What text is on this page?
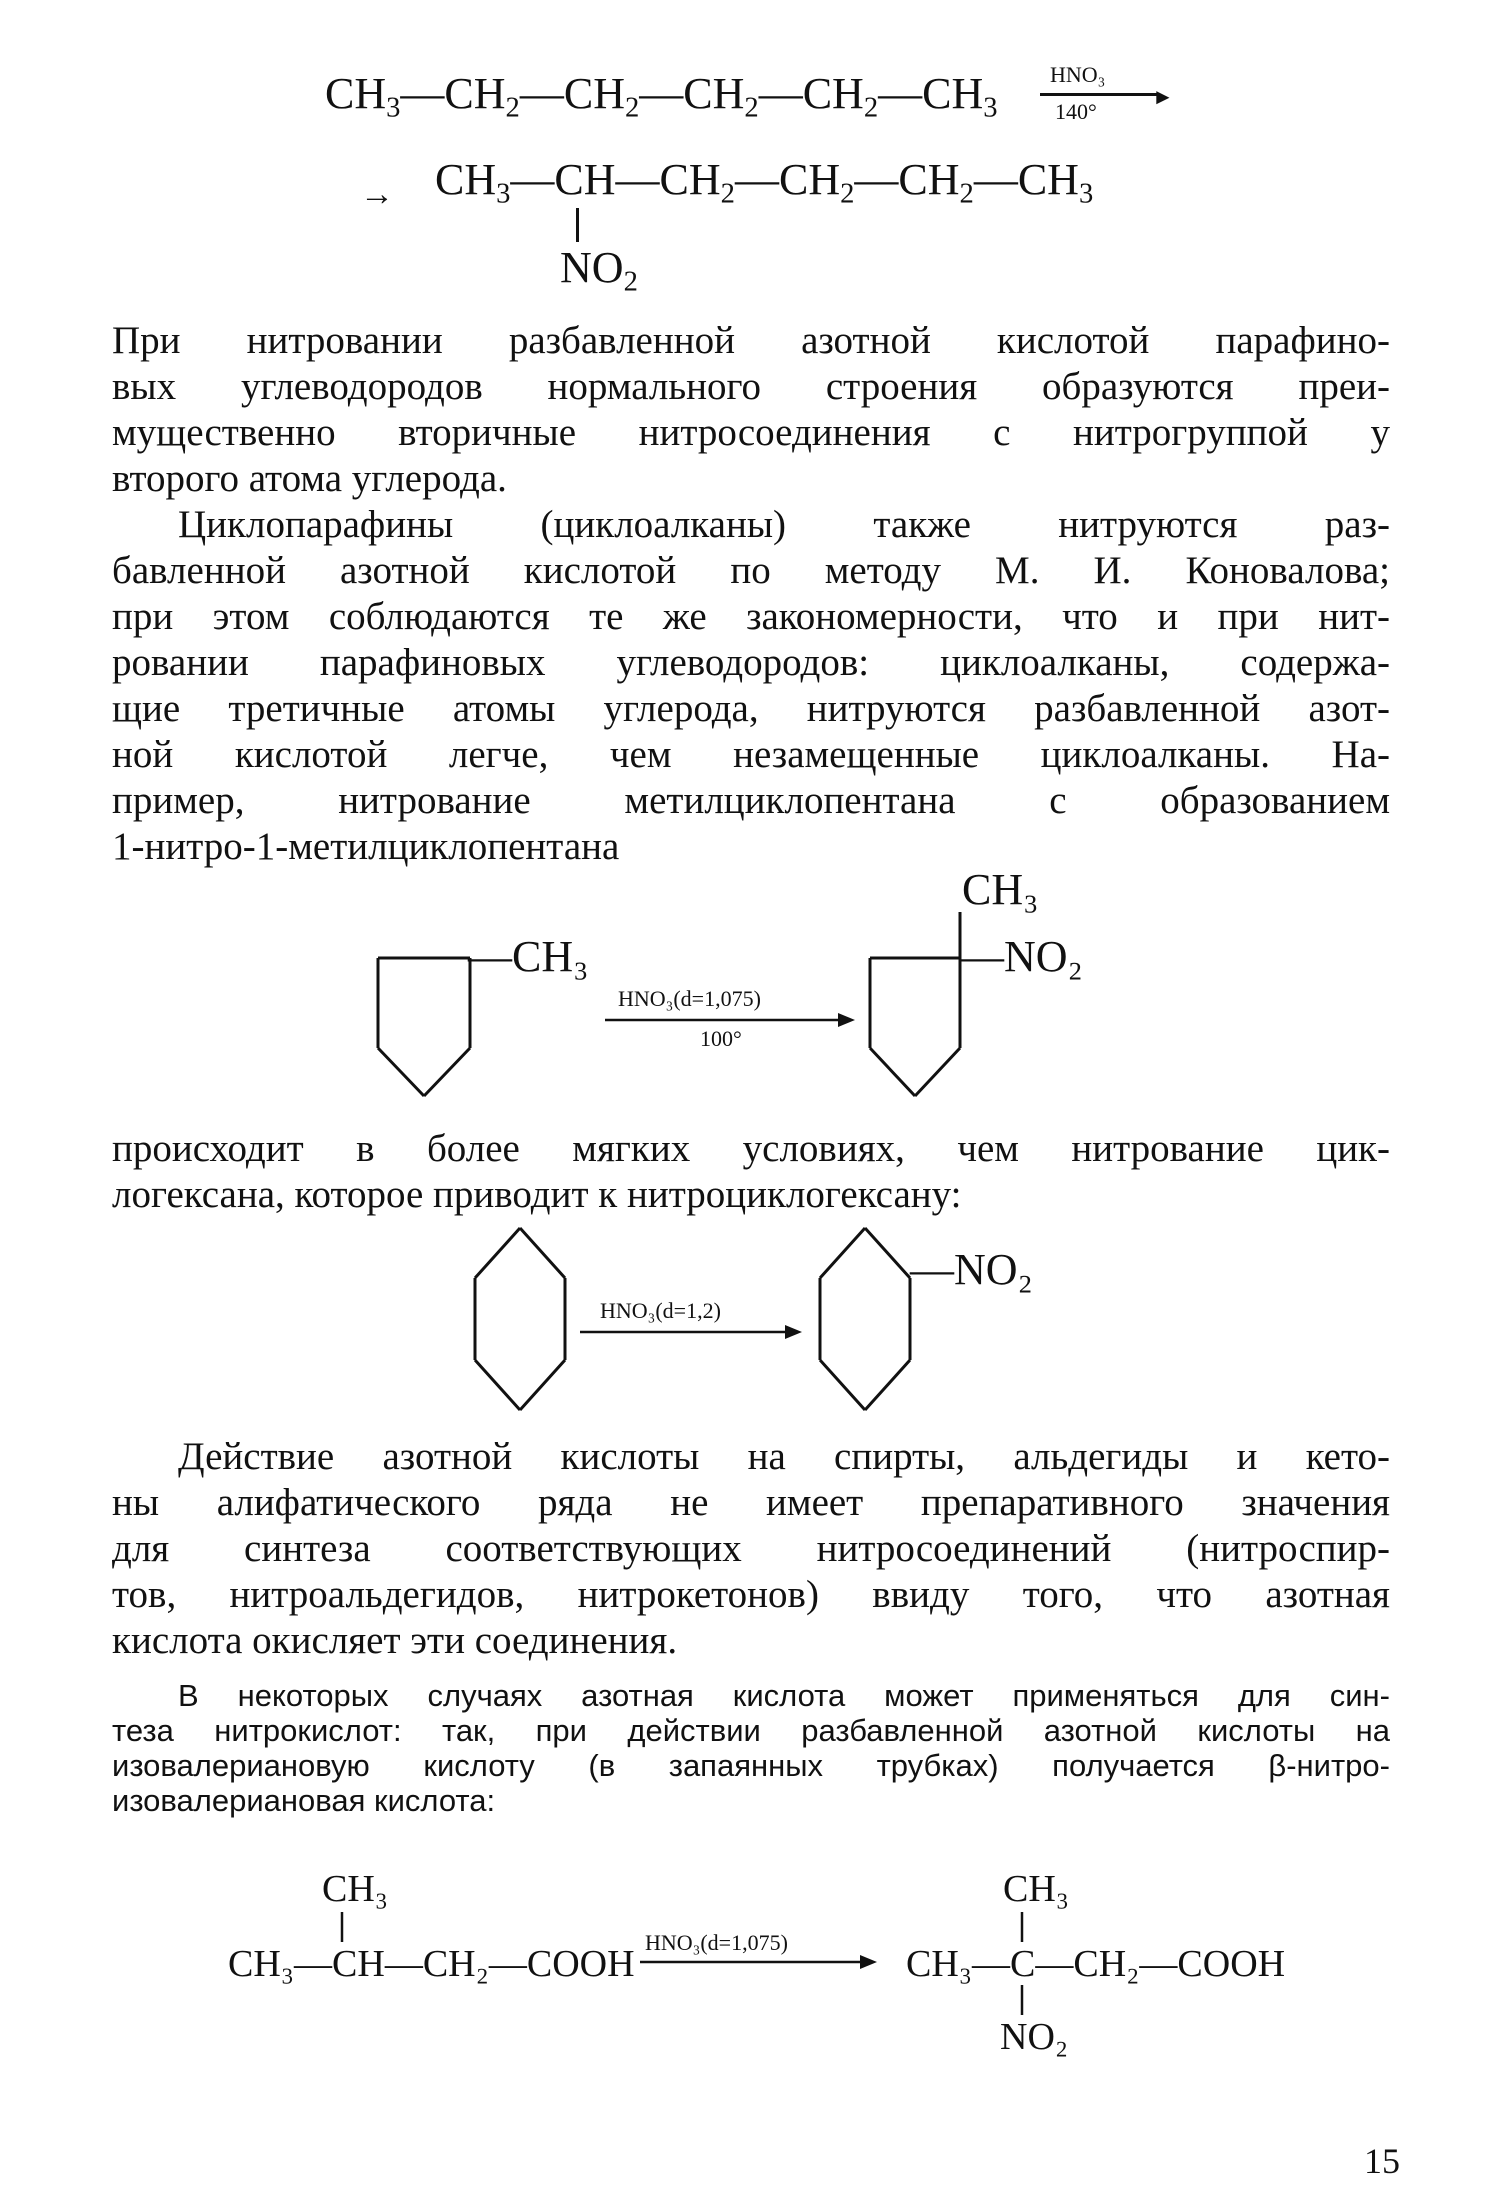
$CH_3—CH_2—CH_2—CH_2—CH_2—CH_3$
HNO₃
►
140°
→ $CH_3—CH—CH_2—CH_2—CH_2—CH_3$
$NO_2$
При нитровании разбавленной азотной кислотой парафино-
вых углеводородов нормального строения образуются преи-
мущественно вторичные нитросоединения с нитрогруппой у
второго атома углерода.
Циклопарафины (циклоалканы) также нитруются раз-
бавленной азотной кислотой по методу М. И. Коновалова;
при этом соблюдаются те же закономерности, что и при нит-
ровании парафиновых углеводородов: циклоалканы, содержа-
щие третичные атомы углерода, нитруются разбавленной азот-
ной кислотой легче, чем незамещенные циклоалканы. На-
пример, нитрование метилциклопентана с образованием
1-нитро-1-метилциклопентана
—CH₃
HNO₃(d=1,075)
100°
CH₃
—NO₂
происходит в более мягких условиях, чем нитрование цик-
логексана, которое приводит к нитроциклогексану:
HNO₃(d=1,2)
—NO₂
Действие азотной кислоты на спирты, альдегиды и кето-
ны алифатического ряда не имеет препаративного значения
для синтеза соответствующих нитросоединений (нитроспир-
тов, нитроальдегидов, нитрокетонов) ввиду того, что азотная
кислота окисляет эти соединения.
В некоторых случаях азотная кислота может применяться для син-
теза нитрокислот: так, при действии разбавленной азотной кислоты на
изовалериановую кислоту (в запаянных трубках) получается β-нитро-
изовалериановая кислота:
CH₃
CH₃—CH—CH₂—COOH
HNO₃(d=1,075)
CH₃
CH₃—C—CH₂—COOH
NO₂
15
